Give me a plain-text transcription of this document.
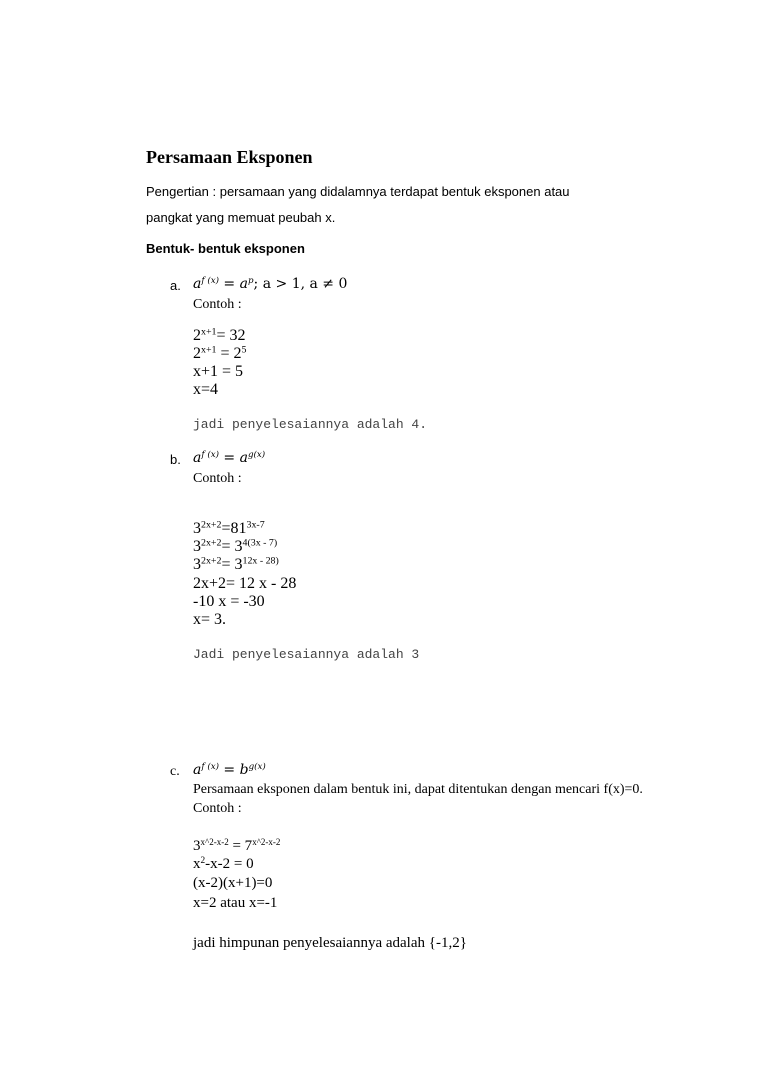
Persamaan Eksponen
Pengertian : persamaan yang didalamnya terdapat bentuk eksponen atau
pangkat yang memuat peubah x.
Bentuk- bentuk eksponen
a. $a^{f (x)} = a^p$; a > 1, a ≠ 0
Contoh :
$2^{x+1}= 32$
$2^{x+1} = 2^5$
x+1 = 5
x=4
jadi penyelesaiannya adalah 4.
b. $a^{f (x)} = a^{g(x)}$
Contoh :
$3^{2x+2}=81^{3x-7}$
$3^{2x+2}= 3^{4(3x - 7)}$
$3^{2x+2}= 3^{12x - 28)}$
2x+2= 12 x - 28
-10 x = -30
x= 3.
Jadi penyelesaiannya adalah 3
c. $a^{f (x)} = b^{g(x)}$
Persamaan eksponen dalam bentuk ini, dapat ditentukan dengan mencari f(x)=0.
Contoh :
$3^{x\^{}2-x-2} = 7^{x\^{}2-x-2}$
$x^2-x-2 = 0$
(x-2)(x+1)=0
x=2 atau x=-1
jadi himpunan penyelesaiannya adalah {-1,2}
